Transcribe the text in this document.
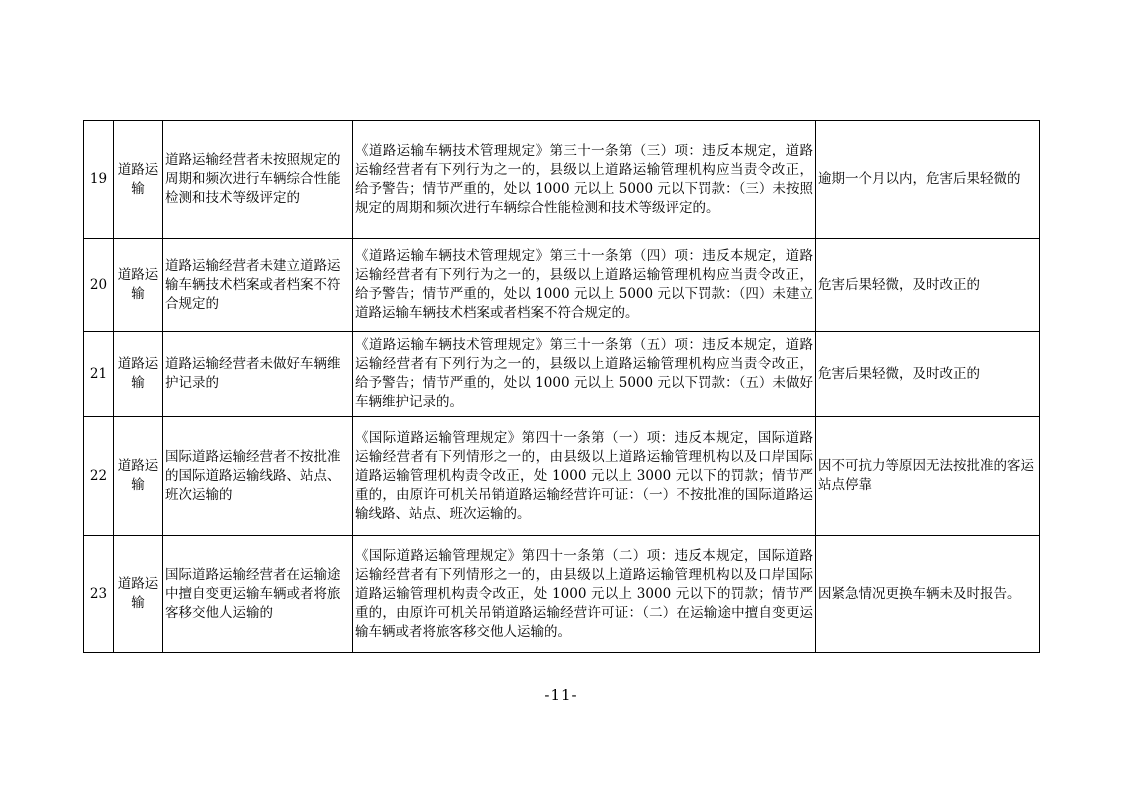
19	道路运输	道路运输经营者未按照规定的周期和频次进行车辆综合性能检测和技术等级评定的	《道路运输车辆技术管理规定》第三十一条第（三）项：违反本规定，道路运输经营者有下列行为之一的，县级以上道路运输管理机构应当责令改正，给予警告；情节严重的，处以 1000 元以上 5000 元以下罚款：（三）未按照规定的周期和频次进行车辆综合性能检测和技术等级评定的。	逾期一个月以内，危害后果轻微的
20	道路运输	道路运输经营者未建立道路运输车辆技术档案或者档案不符合规定的	《道路运输车辆技术管理规定》第三十一条第（四）项：违反本规定，道路运输经营者有下列行为之一的，县级以上道路运输管理机构应当责令改正，给予警告；情节严重的，处以 1000 元以上 5000 元以下罚款：（四）未建立道路运输车辆技术档案或者档案不符合规定的。	危害后果轻微，及时改正的
21	道路运输	道路运输经营者未做好车辆维护记录的	《道路运输车辆技术管理规定》第三十一条第（五）项：违反本规定，道路运输经营者有下列行为之一的，县级以上道路运输管理机构应当责令改正，给予警告；情节严重的，处以 1000 元以上 5000 元以下罚款：（五）未做好车辆维护记录的。	危害后果轻微，及时改正的
22	道路运输	国际道路运输经营者不按批准的国际道路运输线路、站点、班次运输的	《国际道路运输管理规定》第四十一条第（一）项：违反本规定，国际道路运输经营者有下列情形之一的，由县级以上道路运输管理机构以及口岸国际道路运输管理机构责令改正，处 1000 元以上 3000 元以下的罚款；情节严重的，由原许可机关吊销道路运输经营许可证：（一）不按批准的国际道路运输线路、站点、班次运输的。	因不可抗力等原因无法按批准的客运站点停靠
23	道路运输	国际道路运输经营者在运输途中擅自变更运输车辆或者将旅客移交他人运输的	《国际道路运输管理规定》第四十一条第（二）项：违反本规定，国际道路运输经营者有下列情形之一的，由县级以上道路运输管理机构以及口岸国际道路运输管理机构责令改正，处 1000 元以上 3000 元以下的罚款；情节严重的，由原许可机关吊销道路运输经营许可证：（二）在运输途中擅自变更运输车辆或者将旅客移交他人运输的。	因紧急情况更换车辆未及时报告。
-11-
